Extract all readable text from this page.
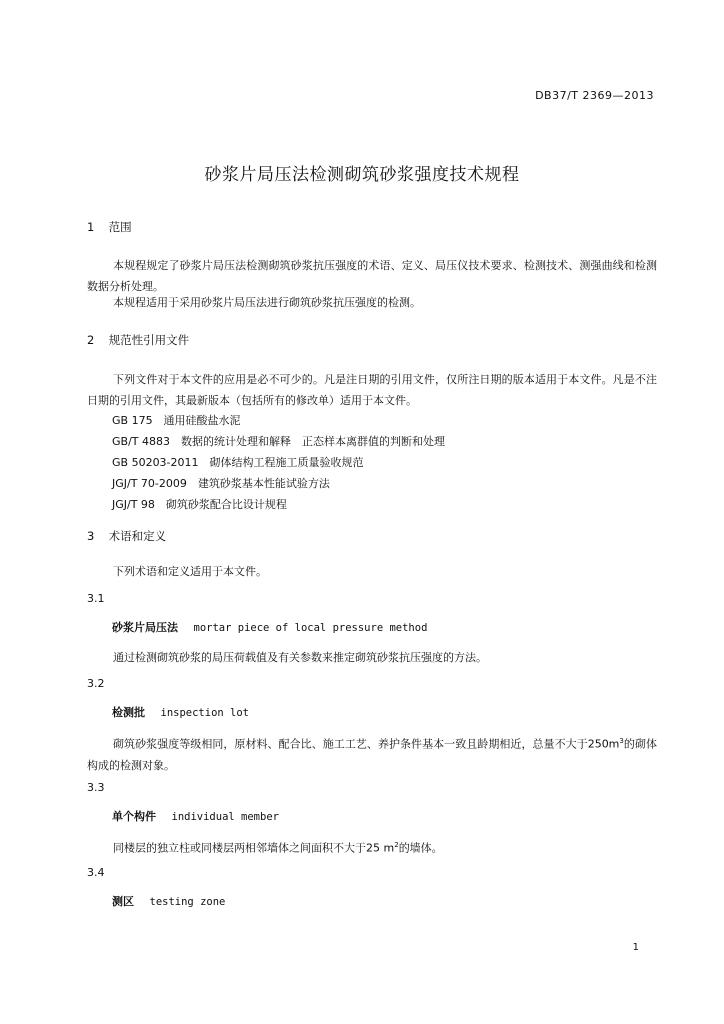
DB37/T 2369—2013
砂浆片局压法检测砌筑砂浆强度技术规程
1 范围
本规程规定了砂浆片局压法检测砌筑砂浆抗压强度的术语、定义、局压仪技术要求、检测技术、测强曲线和检测数据分析处理。
本规程适用于采用砂浆片局压法进行砌筑砂浆抗压强度的检测。
2 规范性引用文件
下列文件对于本文件的应用是必不可少的。凡是注日期的引用文件，仅所注日期的版本适用于本文件。凡是不注日期的引用文件，其最新版本（包括所有的修改单）适用于本文件。
GB 175　通用硅酸盐水泥
GB/T 4883　数据的统计处理和解释　正态样本离群值的判断和处理
GB 50203-2011　砌体结构工程施工质量验收规范
JGJ/T 70-2009　建筑砂浆基本性能试验方法
JGJ/T 98　砌筑砂浆配合比设计规程
3 术语和定义
下列术语和定义适用于本文件。
3.1
砂浆片局压法 mortar piece of local pressure method
通过检测砌筑砂浆的局压荷载值及有关参数来推定砌筑砂浆抗压强度的方法。
3.2
检测批 inspection lot
砌筑砂浆强度等级相同，原材料、配合比、施工工艺、养护条件基本一致且龄期相近，总量不大于$250m^3$的砌体构成的检测对象。
3.3
单个构件 individual member
同楼层的独立柱或同楼层两相邻墙体之间面积不大于25 $m^2$的墙体。
3.4
测区 testing zone
1
